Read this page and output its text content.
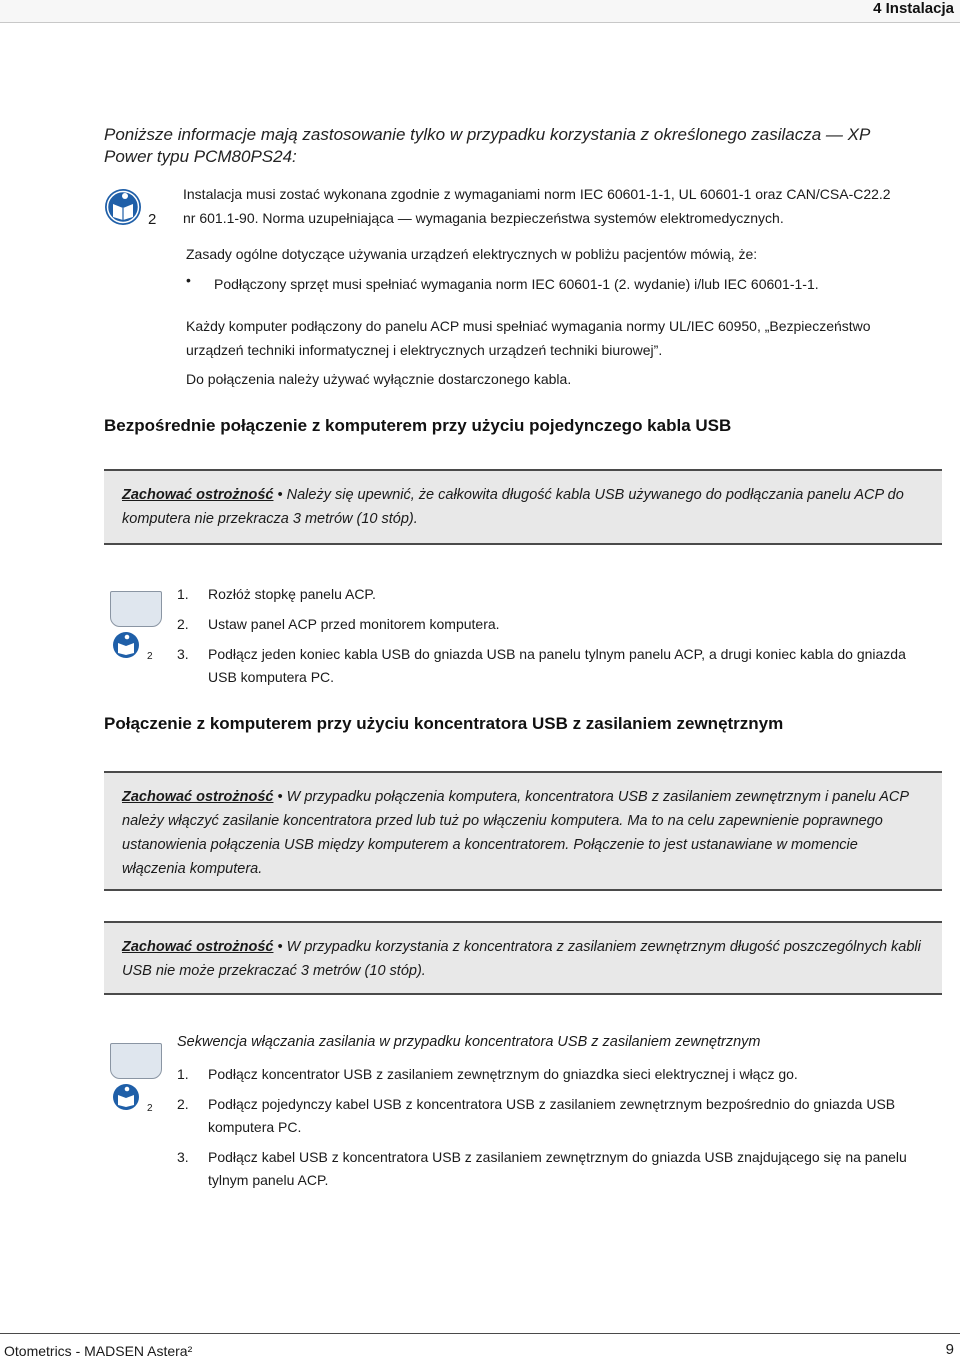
4 Instalacja
Poniższe informacje mają zastosowanie tylko w przypadku korzystania z określonego zasilacza — XP Power typu PCM80PS24:
2
Instalacja musi zostać wykonana zgodnie z wymaganiami norm IEC 60601-1-1, UL 60601-1 oraz CAN/CSA-C22.2
nr 601.1-90. Norma uzupełniająca — wymagania bezpieczeństwa systemów elektromedycznych.
Zasady ogólne dotyczące używania urządzeń elektrycznych w pobliżu pacjentów mówią, że:
• Podłączony sprzęt musi spełniać wymagania norm IEC 60601-1 (2. wydanie) i/lub IEC 60601-1-1.
Każdy komputer podłączony do panelu ACP musi spełniać wymagania normy UL/IEC 60950, „Bezpieczeństwo urządzeń techniki informatycznej i elektrycznych urządzeń techniki biurowej”.
Do połączenia należy używać wyłącznie dostarczonego kabla.
Bezpośrednie połączenie z komputerem przy użyciu pojedynczego kabla USB
Zachować ostrożność • Należy się upewnić, że całkowita długość kabla USB używanego do podłączania panelu ACP do komputera nie przekracza 3 metrów (10 stóp).
2
1. Rozłóż stopkę panelu ACP.
2. Ustaw panel ACP przed monitorem komputera.
3. Podłącz jeden koniec kabla USB do gniazda USB na panelu tylnym panelu ACP, a drugi koniec kabla do gniazda USB komputera PC.
Połączenie z komputerem przy użyciu koncentratora USB z zasilaniem zewnętrznym
Zachować ostrożność • W przypadku połączenia komputera, koncentratora USB z zasilaniem zewnętrznym i panelu ACP należy włączyć zasilanie koncentratora przed lub tuż po włączeniu komputera. Ma to na celu zapewnienie poprawnego ustanowienia połączenia USB między komputerem a koncentratorem. Połączenie to jest ustanawiane w momencie włączenia komputera.
Zachować ostrożność • W przypadku korzystania z koncentratora z zasilaniem zewnętrznym długość poszczególnych kabli USB nie może przekraczać 3 metrów (10 stóp).
Sekwencja włączania zasilania w przypadku koncentratora USB z zasilaniem zewnętrznym
2
1. Podłącz koncentrator USB z zasilaniem zewnętrznym do gniazdka sieci elektrycznej i włącz go.
2. Podłącz pojedynczy kabel USB z koncentratora USB z zasilaniem zewnętrznym bezpośrednio do gniazda USB komputera PC.
3. Podłącz kabel USB z koncentratora USB z zasilaniem zewnętrznym do gniazda USB znajdującego się na panelu tylnym panelu ACP.
Otometrics - MADSEN Astera²	9
